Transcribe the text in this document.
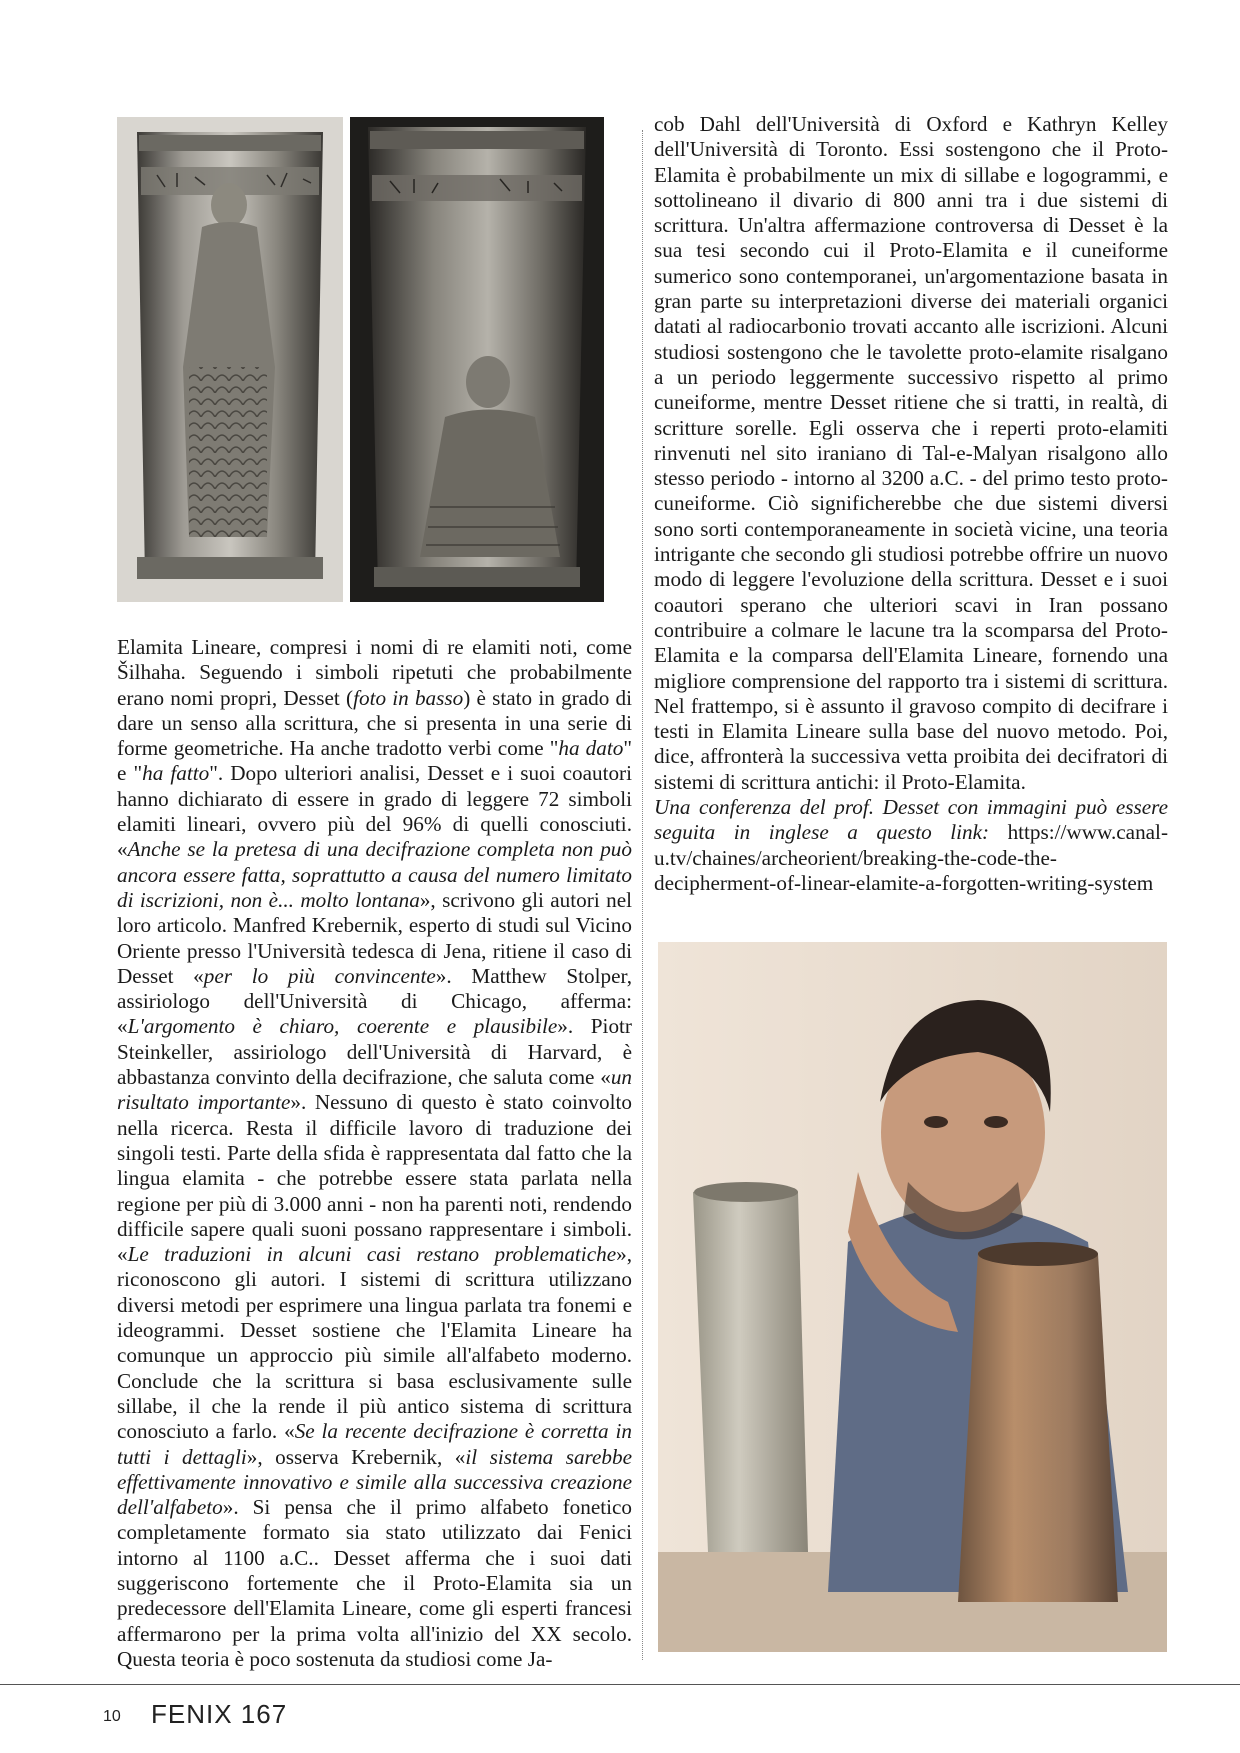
Elamita Lineare, compresi i nomi di re elamiti noti, come Šilhaha. Seguendo i simboli ripetuti che probabilmente erano nomi propri, Desset (foto in basso) è stato in grado di dare un senso alla scrittura, che si presenta in una serie di forme geometriche. Ha anche tradotto verbi come "ha dato" e "ha fatto". Dopo ulteriori analisi, Desset e i suoi coautori hanno dichiarato di essere in grado di leggere 72 simboli elamiti lineari, ovvero più del 96% di quelli conosciuti. «Anche se la pretesa di una decifrazione completa non può ancora essere fatta, soprattutto a causa del numero limitato di iscrizioni, non è... molto lontana», scrivono gli autori nel loro articolo. Manfred Krebernik, esperto di studi sul Vicino Oriente presso l'Università tedesca di Jena, ritiene il caso di Desset «per lo più convincente». Matthew Stolper, assiriologo dell'Università di Chicago, afferma: «L'argomento è chiaro, coerente e plausibile». Piotr Steinkeller, assiriologo dell'Università di Harvard, è abbastanza convinto della decifrazione, che saluta come «un risultato importante». Nessuno di questo è stato coinvolto nella ricerca. Resta il difficile lavoro di traduzione dei singoli testi. Parte della sfida è rappresentata dal fatto che la lingua elamita - che potrebbe essere stata parlata nella regione per più di 3.000 anni - non ha parenti noti, rendendo difficile sapere quali suoni possano rappresentare i simboli. «Le traduzioni in alcuni casi restano problematiche», riconoscono gli autori. I sistemi di scrittura utilizzano diversi metodi per esprimere una lingua parlata tra fonemi e ideogrammi. Desset sostiene che l'Elamita Lineare ha comunque un approccio più simile all'alfabeto moderno. Conclude che la scrittura si basa esclusivamente sulle sillabe, il che la rende il più antico sistema di scrittura conosciuto a farlo. «Se la recente decifrazione è corretta in tutti i dettagli», osserva Krebernik, «il sistema sarebbe effettivamente innovativo e simile alla successiva creazione dell'alfabeto». Si pensa che il primo alfabeto fonetico completamente formato sia stato utilizzato dai Fenici intorno al 1100 a.C.. Desset afferma che i suoi dati suggeriscono fortemente che il Proto-Elamita sia un predecessore dell'Elamita Lineare, come gli esperti francesi affermarono per la prima volta all'inizio del XX secolo. Questa teoria è poco sostenuta da studiosi come Ja-

cob Dahl dell'Università di Oxford e Kathryn Kelley dell'Università di Toronto. Essi sostengono che il Proto-Elamita è probabilmente un mix di sillabe e logogrammi, e sottolineano il divario di 800 anni tra i due sistemi di scrittura. Un'altra affermazione controversa di Desset è la sua tesi secondo cui il Proto-Elamita e il cuneiforme sumerico sono contemporanei, un'argomentazione basata in gran parte su interpretazioni diverse dei materiali organici datati al radiocarbonio trovati accanto alle iscrizioni. Alcuni studiosi sostengono che le tavolette proto-elamite risalgano a un periodo leggermente successivo rispetto al primo cuneiforme, mentre Desset ritiene che si tratti, in realtà, di scritture sorelle. Egli osserva che i reperti proto-elamiti rinvenuti nel sito iraniano di Tal-e-Malyan risalgono allo stesso periodo - intorno al 3200 a.C. - del primo testo proto-cuneiforme. Ciò significherebbe che due sistemi diversi sono sorti contemporaneamente in società vicine, una teoria intrigante che secondo gli studiosi potrebbe offrire un nuovo modo di leggere l'evoluzione della scrittura. Desset e i suoi coautori sperano che ulteriori scavi in Iran possano contribuire a colmare le lacune tra la scomparsa del Proto-Elamita e la comparsa dell'Elamita Lineare, fornendo una migliore comprensione del rapporto tra i sistemi di scrittura. Nel frattempo, si è assunto il gravoso compito di decifrare i testi in Elamita Lineare sulla base del nuovo metodo. Poi, dice, affronterà la successiva vetta proibita dei decifratori di sistemi di scrittura antichi: il Proto-Elamita.

Una conferenza del prof. Desset con immagini può essere seguita in inglese a questo link: https://www.canal-u.tv/chaines/archeorient/breaking-the-code-the-decipherment-of-linear-elamite-a-forgotten-writing-system

10 FENIX 167
